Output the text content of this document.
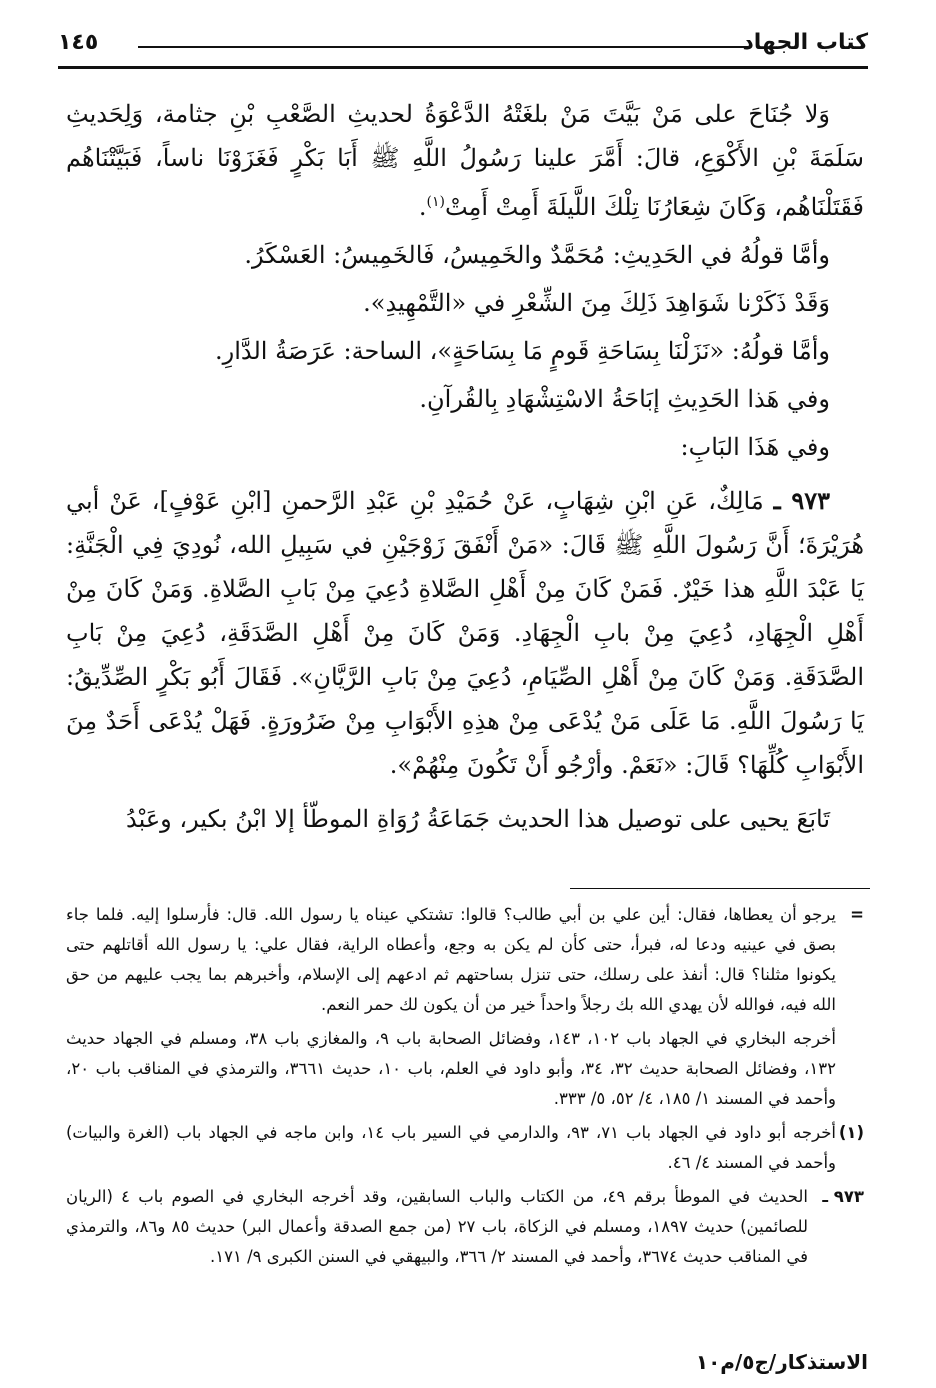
كتاب الجهاد
١٤٥

وَلا جُنَاحَ على مَنْ بَيَّتَ مَنْ بلغَتْهُ الدَّعْوَةُ لحديثِ الصَّعْبِ بْنِ جثامة، وَلِحَديثِ سَلَمَةَ بْنِ الأَكْوَعِ، قالَ: أَمَّرَ علينا رَسُولُ اللَّهِ ﷺ أَبَا بَكْرٍ فَغَزَوْنَا ناساً، فَبَيَّتْنَاهُم فَقَتَلْنَاهُم، وَكَانَ شِعَارُنَا تِلْكَ اللَّيلَةَ أَمِتْ أَمِتْ$^{(١)}$.

وأمَّا قولُهُ في الحَدِيثِ: مُحَمَّدٌ والخَمِيسُ، فَالخَمِيسُ: العَسْكَرُ.

وَقَدْ ذَكَرْنا شَوَاهِدَ ذَلِكَ مِنَ الشِّعْرِ في «التَّمْهِيدِ».

وأمَّا قولُهُ: «نَزَلْنَا بِسَاحَةِ قَومٍ مَا بِسَاحَةٍ»، الساحة: عَرَصَةُ الدَّارِ.

وفي هَذا الحَدِيثِ إبَاحَةُ الاسْتِشْهَادِ بِالقُرآنِ.

وفي هَذَا البَابِ:

٩٧٣ ـ مَالِكٌ، عَنِ ابْنِ شِهَابٍ، عَنْ حُمَيْدِ بْنِ عَبْدِ الرَّحمنِ [ابْنِ عَوْفٍ]، عَنْ أبي هُرَيْرَةَ؛ أَنَّ رَسُولَ اللَّهِ ﷺ قَالَ: «مَنْ أَنْفَقَ زَوْجَيْنِ في سَبِيلِ الله، نُودِيَ فِي الْجَنَّةِ: يَا عَبْدَ اللَّهِ هذا خَيْرٌ. فَمَنْ كَانَ مِنْ أَهْلِ الصَّلاةِ دُعِيَ مِنْ بَابِ الصَّلاةِ. وَمَنْ كَانَ مِنْ أَهْلِ الْجِهَادِ، دُعِيَ مِنْ بابِ الْجِهَادِ. وَمَنْ كَانَ مِنْ أَهْلِ الصَّدَقَةِ، دُعِيَ مِنْ بَابِ الصَّدَقَةِ. وَمَنْ كَانَ مِنْ أَهْلِ الصِّيَامِ، دُعِيَ مِنْ بَابِ الرَّيَّانِ». فَقَالَ أَبُو بَكْرٍ الصِّدِّيقُ: يَا رَسُولَ اللَّهِ. مَا عَلَى مَنْ يُدْعَى مِنْ هذِهِ الأَبْوَابِ مِنْ ضَرُورَةٍ. فَهَلْ يُدْعَى أَحَدٌ مِنَ الأَبْوَابِ كُلِّهَا؟ قَالَ: «نَعَمْ. وأرْجُو أَنْ تَكُونَ مِنْهُمْ».

تَابَعَ يحيى على توصيل هذا الحديث جَمَاعَةُ رُوَاةِ الموطّأ إلا ابْنُ بكير، وعَبْدُ

=
يرجو أن يعطاها، فقال: أين علي بن أبي طالب؟ قالوا: تشتكي عيناه يا رسول الله. قال: فأرسلوا إليه. فلما جاء بصق في عينيه ودعا له، فبرأ، حتى كأن لم يكن به وجع، وأعطاه الراية، فقال علي: يا رسول الله أقاتلهم حتى يكونوا مثلنا؟ قال: أنفذ على رسلك، حتى تنزل بساحتهم ثم ادعهم إلى الإسلام، وأخبرهم بما يجب عليهم من حق الله فيه، فوالله لأن يهدي الله بك رجلاً واحداً خير من أن يكون لك حمر النعم.
أخرجه البخاري في الجهاد باب ١٠٢، ١٤٣، وفضائل الصحابة باب ٩، والمغازي باب ٣٨، ومسلم في الجهاد حديث ١٣٢، وفضائل الصحابة حديث ٣٢، ٣٤، وأبو داود في العلم، باب ١٠، حديث ٣٦٦١، والترمذي في المناقب باب ٢٠، وأحمد في المسند ١/ ١٨٥، ٤/ ٥٢، ٥/ ٣٣٣.
(١)
أخرجه أبو داود في الجهاد باب ٧١، ٩٣، والدارمي في السير باب ١٤، وابن ماجه في الجهاد باب (الغرة والبيات) وأحمد في المسند ٤/ ٤٦.
٩٧٣ ـ
الحديث في الموطأ برقم ٤٩، من الكتاب والباب السابقين، وقد أخرجه البخاري في الصوم باب ٤ (الريان للصائمين) حديث ١٨٩٧، ومسلم في الزكاة، باب ٢٧ (من جمع الصدقة وأعمال البر) حديث ٨٥ و٨٦، والترمذي في المناقب حديث ٣٦٧٤، وأحمد في المسند ٢/ ٣٦٦، والبيهقي في السنن الكبرى ٩/ ١٧١.
الاستذكار/ج٥/م١٠
